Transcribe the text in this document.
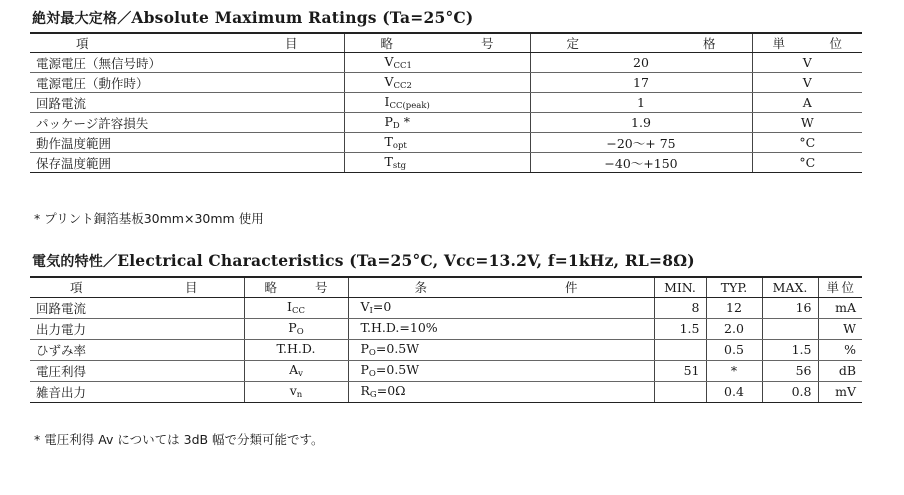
絶対最大定格／Absolute Maximum Ratings (Ta=25°C)
項 目	略 号	定 格	単 位

電源電圧（無信号時）	$V_{CC1}$	20	V
電源電圧（動作時）	$V_{CC2}$	17	V
回路電流	$I_{CC(peak)}$	1	A
パッケージ許容損失	$P_D$ *	1.9	W
動作温度範囲	$T_{opt}$	−20〜+ 75	°C
保存温度範囲	$T_{stg}$	−40〜+150	°C
* プリント銅箔基板30mm×30mm 使用
電気的特性／Electrical Characteristics (Ta=25°C, Vcc=13.2V, f=1kHz, RL=8Ω)
項 目	略 号	条 件	MIN.	TYP.	MAX.	単 位

回路電流	$I_{CC}$	$V_I=0$	8	12	16	mA
出力電力	$P_O$	T.H.D.=10%	1.5	2.0		W
ひずみ率	T.H.D.	$P_O=0.5W$		0.5	1.5	%
電圧利得	$A_v$	$P_O=0.5W$	51	*	56	dB
雑音出力	$v_n$	$R_G=0\Omega$		0.4	0.8	mV
* 電圧利得 Av については 3dB 幅で分類可能です。
